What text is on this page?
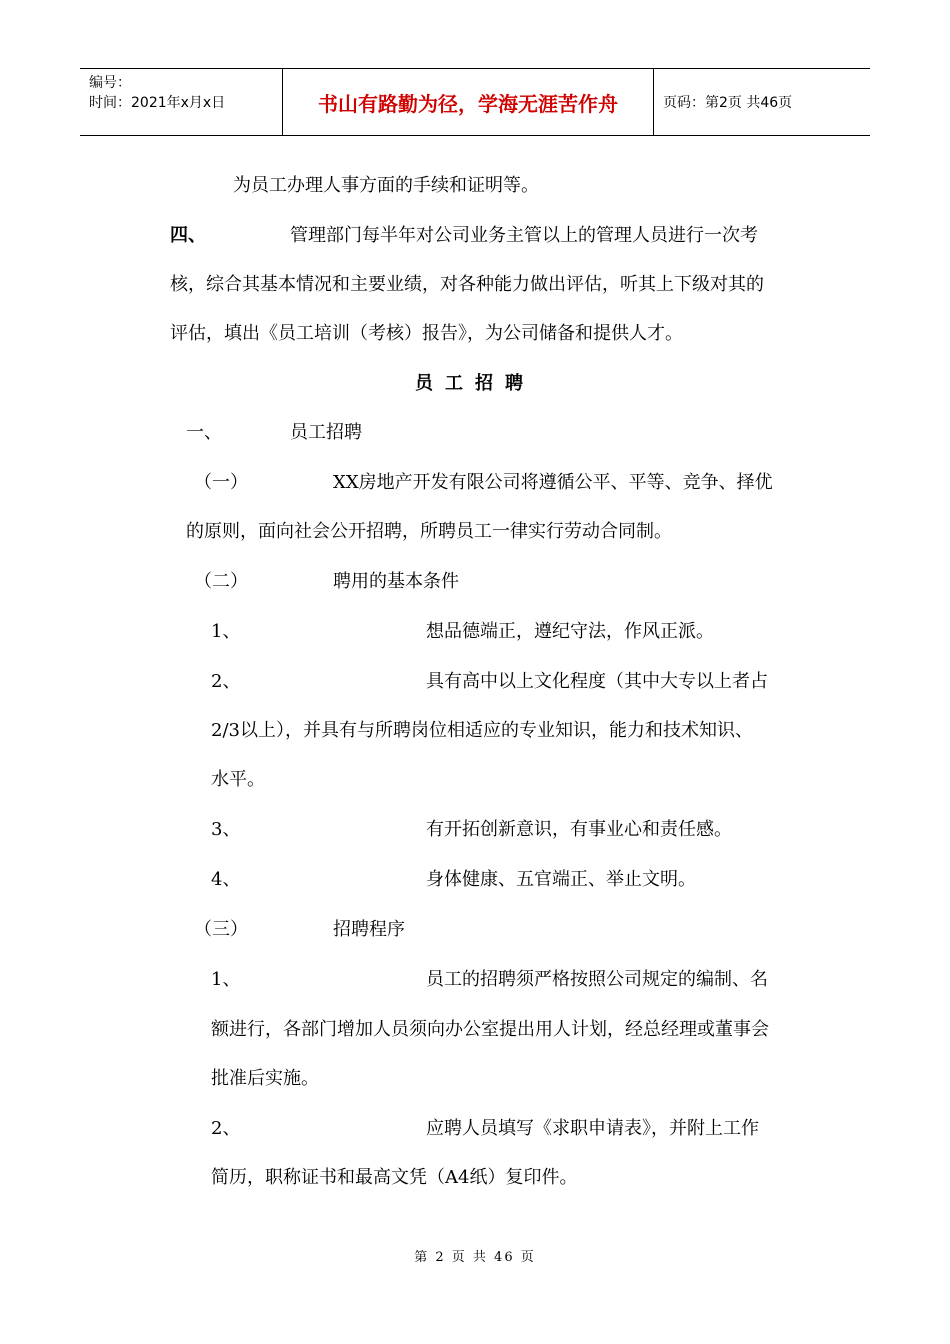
编号：
时间：2021年x月x日	书山有路勤为径，学海无涯苦作舟	页码：第2页 共46页
为员工办理人事方面的手续和证明等。
四、	管理部门每半年对公司业务主管以上的管理人员进行一次考
核，综合其基本情况和主要业绩，对各种能力做出评估，听其上下级对其的
评估，填出《员工培训（考核）报告》，为公司储备和提供人才。
员工招聘
一、	员工招聘
（一）	XX房地产开发有限公司将遵循公平、平等、竞争、择优
的原则，面向社会公开招聘，所聘员工一律实行劳动合同制。
（二）	聘用的基本条件
1、	想品德端正，遵纪守法，作风正派。
2、	具有高中以上文化程度（其中大专以上者占
2/3以上），并具有与所聘岗位相适应的专业知识，能力和技术知识、
水平。
3、	有开拓创新意识，有事业心和责任感。
4、	身体健康、五官端正、举止文明。
（三）	招聘程序
1、	员工的招聘须严格按照公司规定的编制、名
额进行，各部门增加人员须向办公室提出用人计划，经总经理或董事会
批准后实施。
2、	应聘人员填写《求职申请表》，并附上工作
简历，职称证书和最高文凭（A4纸）复印件。
第 2 页 共 46 页
